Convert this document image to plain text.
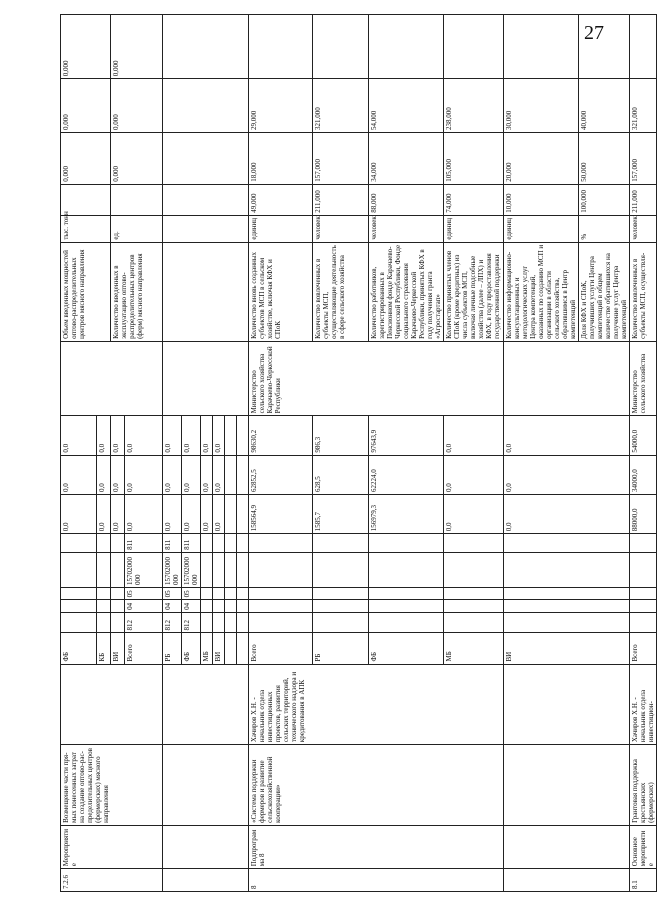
27
7.2.6	Мероприятие	Возмещение части пря- мых понесенных затрат на создание оптово-рас- пределительных центров (фермерских) мясного направления		ФБ						0,0	0,0	0,0		Объем введенных мощностей оптово-распределительных центров мясного направления	тыс. тонн		0,000	0,000	0,000
				КБ						0,0	0,0	0,0							
				ВИ						0,0	0,0	0,0		Количество введенных в эксплуатацию оптово-распределительных центров (ферм) мясного направления	ед.		0,000	0,000	0,000
				Всего	812	04	05	15702000 000	811	0,0	0,0	0,0							
				РБ	812	04	05	15702000 000	811	0,0	0,0	0,0							
				ФБ	812	04	05	15702000 000	811	0,0	0,0	0,0							
				МБ						0,0	0,0	0,0							
				ВИ						0,0	0,0	0,0							

8	Подпрограмма 8	«Система поддержки фермеров и развитие сельскохозяйственной кооперации»	Хачиров Х.Н. - начальник отдела инвестиционных проектов, развития сельских территорий, технического надзора и кредитования в АПК	Всего						158564,9	62852,5	98630,2	Министерство сельского хозяйства Карачаево-Черкесской Республики	Количество вновь созданных субъектов МСП в сельском хозяйстве, включая КФХ и СПоК	единиц	49,000	18,000	29,000	
				РБ						1585,7	628,5	986,3		Количество вовлеченных в субъекты МСП, осуществляющие деятельность в сфере сельского хозяйства	человек	211,000	157,000	321,000	
				ФБ						156979,3	62224,0	97643,9		Количество работников, зарегистрированных в Пенсионном фонде Карачаево-Черкесской Республики, Фонде социального страхования Карачаево-Черкесской Республики, принятых КФХ в году получения гранта «Агростартап»	человек	88,000	34,000	54,000	
				МБ						0,0	0,0	0,0		Количество принятых членов СПоК (кроме кредитных) из числа субъектов МСП, включая личные подсобные хозяйства (далее – ЛПХ) и КФХ, в году предоставления государственной поддержки	единиц	74,000	105,000	238,000	
				ВИ						0,0	0,0	0,0		Количество информационно-консультационных и методологических услуг Центра компетенций, оказанных по созданию МСП и организации в области сельского хозяйства, обратившимся в Центр компетенций	единиц	10,000	20,000	30,000	
														Доля КФХ и СПоК, получивших услуги Центра компетенций в общем количестве обратившихся на получение услуг Центра компетенций	%	100,000	50,000	40,000	
8.1	Основное мероприятие	Грантовая поддержка крестьянских (фермерских)	Хачиров Х.Н. - начальник отдела инвестицион-	Всего						88000,0	34000,0	54000,0	Министерство сельского хозяйства	Количество вовлеченных в субъекты МСП, осуществля-	человек	211,000	157,000	321,000	
